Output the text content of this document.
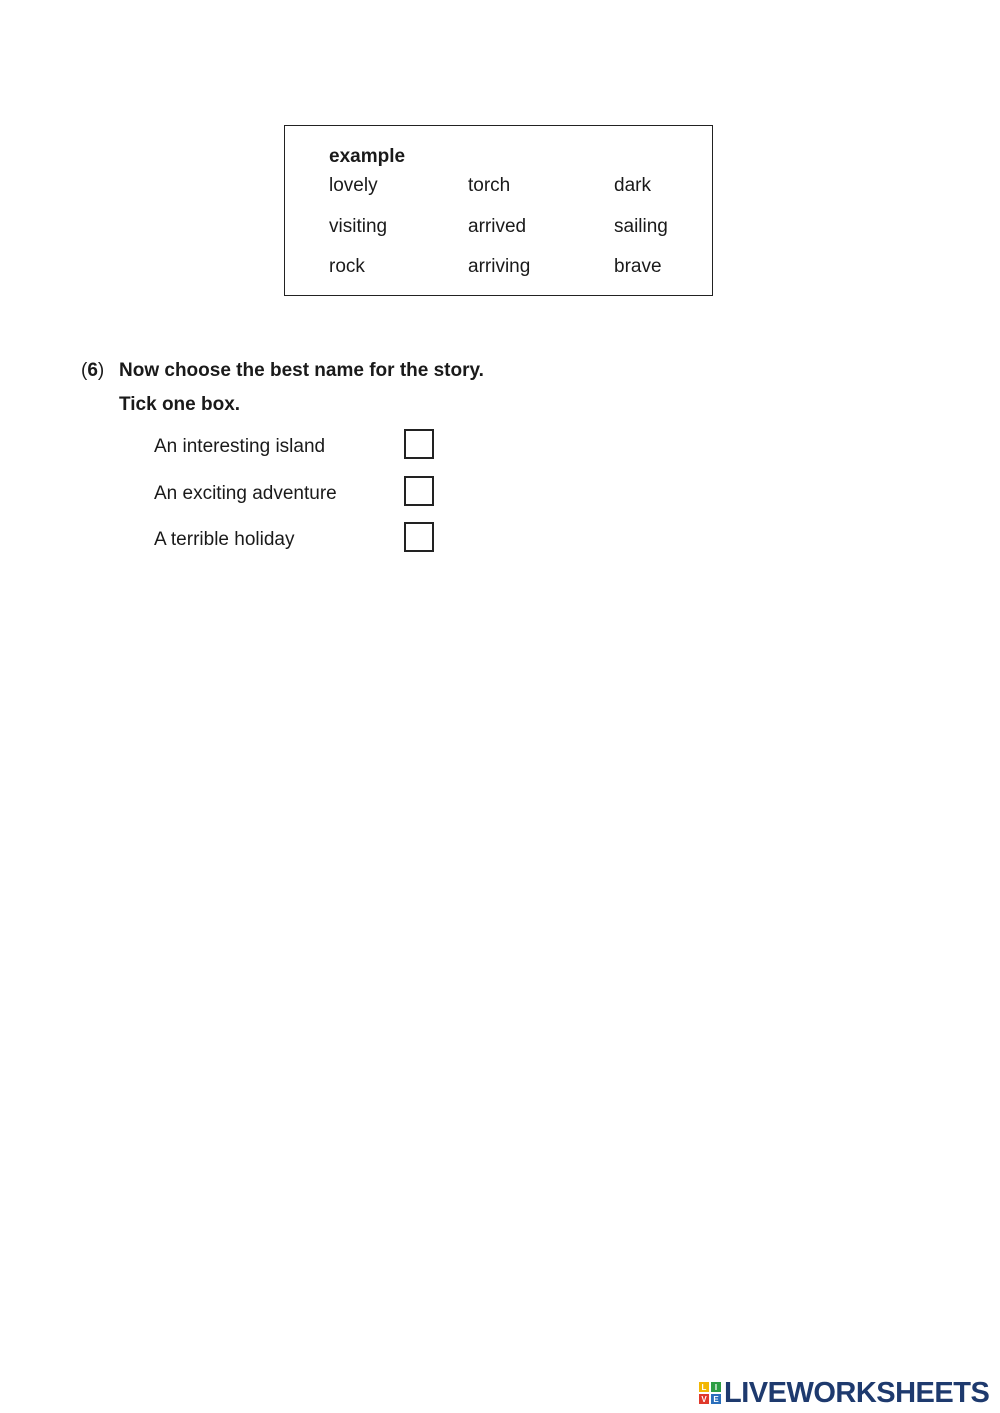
example
lovely	torch	dark
visiting	arrived	sailing
rock	arriving	brave
(6) Now choose the best name for the story.
Tick one box.
An interesting island
An exciting adventure
A terrible holiday
L	I
V E LIVEWORKSHEETS
